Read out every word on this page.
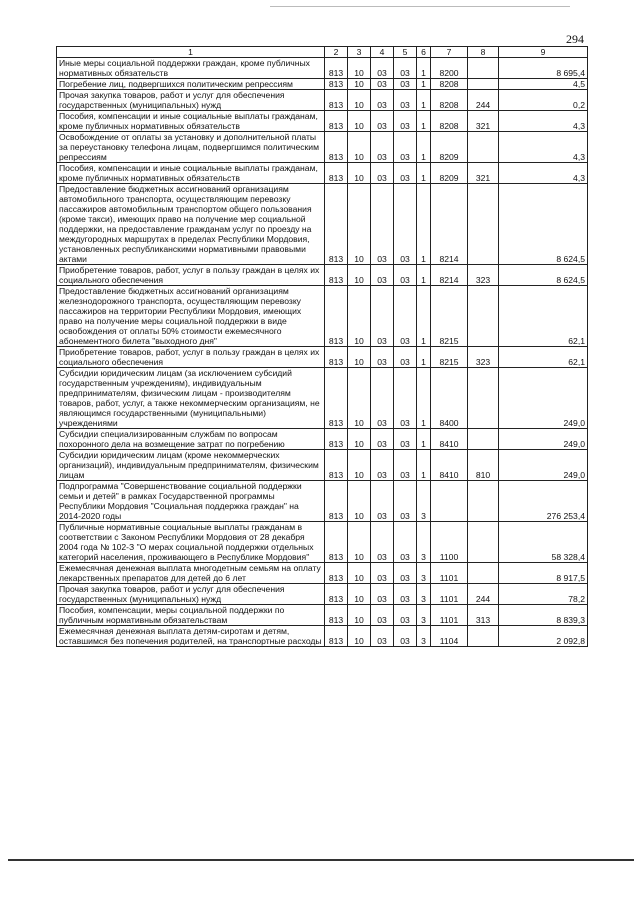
294
1	2	3	4	5	6	7	8	9
Иные меры социальной поддержки граждан, кроме публичных нормативных обязательств	813	10	03	03	1	8200		8 695,4
Погребение лиц, подвергшихся политическим репрессиям	813	10	03	03	1	8208		4,5
Прочая закупка товаров, работ и услуг для обеспечения государственных (муниципальных) нужд	813	10	03	03	1	8208	244	0,2
Пособия, компенсации и иные социальные выплаты гражданам, кроме публичных нормативных обязательств	813	10	03	03	1	8208	321	4,3
Освобождение от оплаты за установку и дополнительной платы за переустановку телефона лицам, подвергшимся политическим репрессиям	813	10	03	03	1	8209		4,3
Пособия, компенсации и иные социальные выплаты гражданам, кроме публичных нормативных обязательств	813	10	03	03	1	8209	321	4,3
Предоставление бюджетных ассигнований организациям автомобильного транспорта, осуществляющим перевозку пассажиров автомобильным транспортом общего пользования (кроме такси), имеющих право на получение мер социальной поддержки, на предоставление гражданам услуг по проезду на междугородных маршрутах в пределах Республики Мордовия, установленных республиканскими нормативными правовыми актами	813	10	03	03	1	8214		8 624,5
Приобретение товаров, работ, услуг в пользу граждан в целях их социального обеспечения	813	10	03	03	1	8214	323	8 624,5
Предоставление бюджетных ассигнований организациям железнодорожного транспорта, осуществляющим перевозку пассажиров на территории Республики Мордовия, имеющих право на получение меры социальной поддержки в виде освобождения от оплаты 50% стоимости ежемесячного абонементного билета "выходного дня"	813	10	03	03	1	8215		62,1
Приобретение товаров, работ, услуг в пользу граждан в целях их социального обеспечения	813	10	03	03	1	8215	323	62,1
Субсидии юридическим лицам (за исключением субсидий государственным учреждениям), индивидуальным предпринимателям, физическим лицам - производителям товаров, работ, услуг, а также некоммерческим организациям, не являющимся государственными (муниципальными) учреждениями	813	10	03	03	1	8400		249,0
Субсидии специализированным службам по вопросам похоронного дела на возмещение затрат по погребению	813	10	03	03	1	8410		249,0
Субсидии юридическим лицам (кроме некоммерческих организаций), индивидуальным предпринимателям, физическим лицам	813	10	03	03	1	8410	810	249,0
Подпрограмма "Совершенствование социальной поддержки семьи и детей" в рамках Государственной программы Республики Мордовия "Социальная поддержка граждан" на 2014-2020 годы	813	10	03	03	3			276 253,4
Публичные нормативные социальные выплаты гражданам в соответствии с Законом Республики Мордовия от 28 декабря 2004 года № 102-З "О мерах социальной поддержки отдельных категорий населения, проживающего в Республике Мордовия"	813	10	03	03	3	1100		58 328,4
Ежемесячная денежная выплата многодетным семьям на оплату лекарственных препаратов для детей до 6 лет	813	10	03	03	3	1101		8 917,5
Прочая закупка товаров, работ и услуг для обеспечения государственных (муниципальных) нужд	813	10	03	03	3	1101	244	78,2
Пособия, компенсации, меры социальной поддержки по публичным нормативным обязательствам	813	10	03	03	3	1101	313	8 839,3
Ежемесячная денежная выплата детям-сиротам и детям, оставшимся без попечения родителей, на транспортные расходы	813	10	03	03	3	1104		2 092,8
